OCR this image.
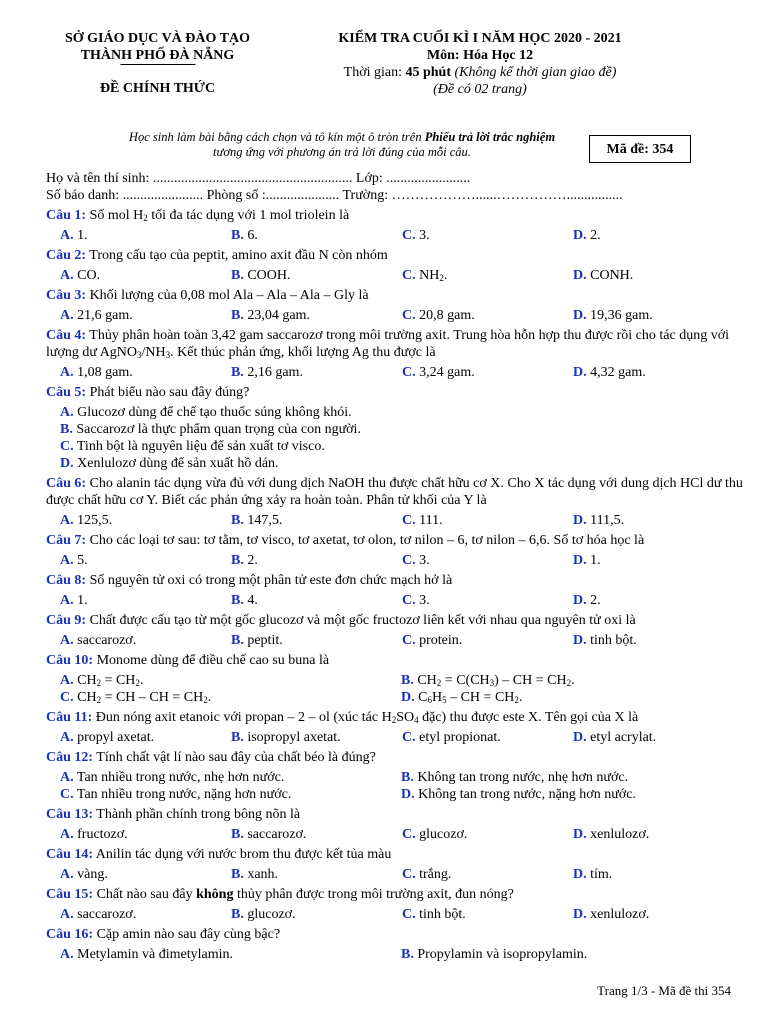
SỞ GIÁO DỤC VÀ ĐÀO TẠO
THÀNH PHỐ ĐÀ NẴNG
ĐỀ CHÍNH THỨC
KIỂM TRA CUỐI KÌ I NĂM HỌC 2020 - 2021
Môn: Hóa Học 12
Thời gian: 45 phút (Không kể thời gian giao đề)
(Đề có 02 trang)
Học sinh làm bài bằng cách chọn và tô kín một ô tròn trên Phiếu trả lời trắc nghiệm
tương ứng với phương án trả lời đúng của mỗi câu.	Mã đề: 354
Họ và tên thí sinh: ......................................................... Lớp: ........................
Số báo danh: ....................... Phòng số :..................... Trường: ………………......……………................
Câu 1: Số mol $H_2$ tối đa tác dụng với 1 mol triolein là
A. 1.	B. 6.	C. 3.	D. 2.
Câu 2: Trong cấu tạo của peptit, amino axit đầu N còn nhóm
A. CO.	B. COOH.	C. $NH_2$.	D. CONH.
Câu 3: Khối lượng của 0,08 mol Ala – Ala – Ala – Gly là
A. 21,6 gam.	B. 23,04 gam.	C. 20,8 gam.	D. 19,36 gam.
Câu 4: Thủy phân hoàn toàn 3,42 gam saccarozơ trong môi trường axit. Trung hòa hỗn hợp thu được rồi cho tác dụng với lượng dư $AgNO_3/NH_3$. Kết thúc phản ứng, khối lượng Ag thu được là
A. 1,08 gam.	B. 2,16 gam.	C. 3,24 gam.	D. 4,32 gam.
Câu 5: Phát biểu nào sau đây đúng?
A. Glucozơ dùng để chế tạo thuốc súng không khói.
B. Saccarozơ là thực phẩm quan trọng của con người.
C. Tinh bột là nguyên liệu để sản xuất tơ visco.
D. Xenlulozơ dùng để sản xuất hồ dán.
Câu 6: Cho alanin tác dụng vừa đủ với dung dịch NaOH thu được chất hữu cơ X. Cho X tác dụng với dung dịch HCl dư thu được chất hữu cơ Y. Biết các phản ứng xảy ra hoàn toàn. Phân tử khối của Y là
A. 125,5.	B. 147,5.	C. 111.	D. 111,5.
Câu 7: Cho các loại tơ sau: tơ tằm, tơ visco, tơ axetat, tơ olon, tơ nilon – 6, tơ nilon – 6,6. Số tơ hóa học là
A. 5.	B. 2.	C. 3.	D. 1.
Câu 8: Số nguyên tử oxi có trong một phân tử este đơn chức mạch hở là
A. 1.	B. 4.	C. 3.	D. 2.
Câu 9: Chất được cấu tạo từ một gốc glucozơ và một gốc fructozơ liên kết với nhau qua nguyên tử oxi là
A. saccarozơ.	B. peptit.	C. protein.	D. tinh bột.
Câu 10: Monome dùng để điều chế cao su buna là
A. $CH_2 = CH_2$.	B. $CH_2 = C(CH_3)$ – CH = $CH_2$.
C. $CH_2$ = CH – CH = $CH_2$.	D. $C_6H_5$ – CH = $CH_2$.
Câu 11: Đun nóng axit etanoic với propan – 2 – ol (xúc tác $H_2SO_4$ đặc) thu được este X. Tên gọi của X là
A. propyl axetat.	B. isopropyl axetat.	C. etyl propionat.	D. etyl acrylat.
Câu 12: Tính chất vật lí nào sau đây của chất béo là đúng?
A. Tan nhiều trong nước, nhẹ hơn nước.	B. Không tan trong nước, nhẹ hơn nước.
C. Tan nhiều trong nước, nặng hơn nước.	D. Không tan trong nước, nặng hơn nước.
Câu 13: Thành phần chính trong bông nõn là
A. fructozơ.	B. saccarozơ.	C. glucozơ.	D. xenlulozơ.
Câu 14: Anilin tác dụng với nước brom thu được kết tủa màu
A. vàng.	B. xanh.	C. trắng.	D. tím.
Câu 15: Chất nào sau đây không thủy phân được trong môi trường axit, đun nóng?
A. saccarozơ.	B. glucozơ.	C. tinh bột.	D. xenlulozơ.
Câu 16: Cặp amin nào sau đây cùng bậc?
A. Metylamin và đimetylamin.	B. Propylamin và isopropylamin.
Trang 1/3 - Mã đề thi 354
